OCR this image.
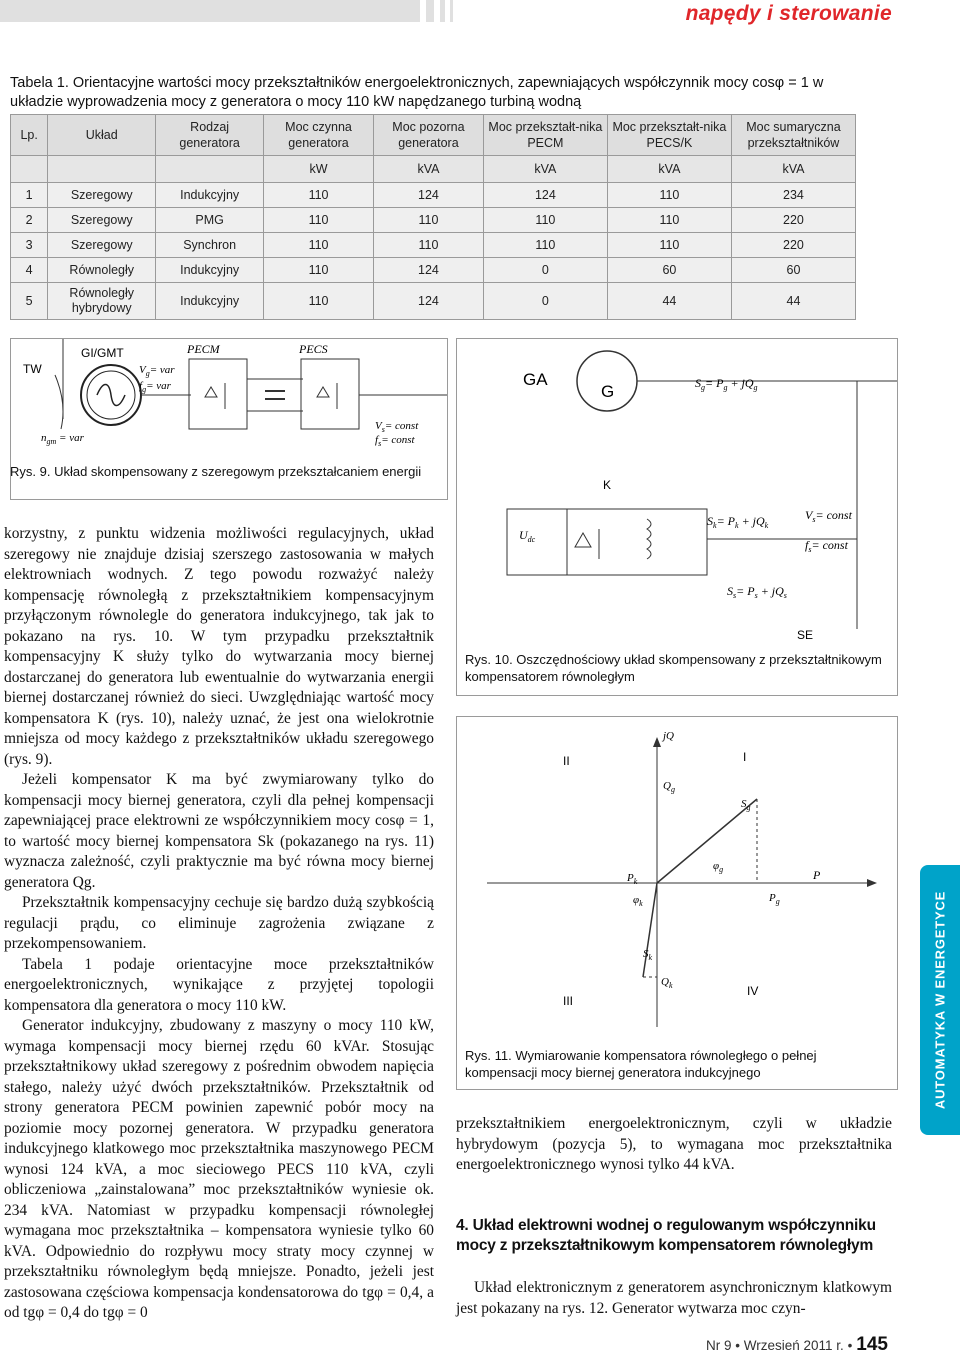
napędy i sterowanie
Tabela 1. Orientacyjne wartości mocy przekształtników energoelektronicznych, zapewniających współczynnik mocy cosφ = 1 w układzie wyprowadzenia mocy z generatora o mocy 110 kW napędzanego turbiną wodną
Lp.	Układ	Rodzaj generatora	Moc czynna generatora	Moc pozorna generatora	Moc przekształt-nika PECM	Moc przekształt-nika PECS/K	Moc sumaryczna przekształtników
			kW	kVA	kVA	kVA	kVA
1	Szeregowy	Indukcyjny	110	124	124	110	234
2	Szeregowy	PMG	110	110	110	110	220
3	Szeregowy	Synchron	110	110	110	110	220
4	Równoległy	Indukcyjny	110	124	0	60	60
5	Równoległy hybrydowy	Indukcyjny	110	124	0	44	44
TW
GI/GMT	PECM	PECS
$V_g=$ var
$f_g=$ var
$n_{gm}$ = var
$V_s=$ const
$f_s=$ const
Rys. 9. Układ skompensowany z szeregowym przekształcaniem energii
GA
G	$S_g= P_g + jQ_g$
K
$U_{dc}$
$S_k= P_k + jQ_k$
$V_s=$ const
$f_s=$ const
$S_s= P_s + jQ_s$
SE
Rys. 10. Oszczędnościowy układ skompensowany z przekształtnikowym kompensatorem równoległym
jQ
P
I
II
III
IV
$Q_g$
$S_g$
$\varphi_g$
$P_k$
$P_g$
$\varphi_k$
$S_k$
$Q_k$
Rys. 11. Wymiarowanie kompensatora równoległego o pełnej kompensacji mocy biernej generatora indukcyjnego

korzystny, z punktu widzenia możliwości regulacyjnych, układ szeregowy nie znajduje dzisiaj szerszego zastosowania w małych elektrowniach wodnych. Z tego powodu rozważyć należy kompensację równoległą z przekształtnikiem kompensacyjnym przyłączonym równolegle do generatora indukcyjnego, tak jak to pokazano na rys. 10. W tym przypadku przekształtnik kompensacyjny K służy tylko do wytwarzania mocy biernej dostarczanej do generatora lub ewentualnie do wytwarzania energii biernej dostarczanej również do sieci. Uwzględniając wartość mocy kompensatora K (rys. 10), należy uznać, że jest ona wielokrotnie mniejsza od mocy każdego z przekształtników układu szeregowego (rys. 9).

Jeżeli kompensator K ma być zwymiarowany tylko do kompensacji mocy biernej generatora, czyli dla pełnej kompensacji zapewniającej prace elektrowni ze współczynnikiem mocy cosφ = 1, to wartość mocy biernej kompensatora Sk (pokazanego na rys. 11) wyznacza zależność, czyli praktycznie ma być równa mocy biernej generatora Qg.

Przekształtnik kompensacyjny cechuje się bardzo dużą szybkością regulacji prądu, co eliminuje zagrożenia związane z przekompensowaniem.

Tabela 1 podaje orientacyjne moce przekształtników energoelektronicznych, wynikające z przyjętej topologii kompensatora dla generatora o mocy 110 kW.

Generator indukcyjny, zbudowany z maszyny o mocy 110 kW, wymaga kompensacji mocy biernej rzędu 60 kVAr. Stosując przekształtnikowy układ szeregowy z pośrednim obwodem napięcia stałego, należy użyć dwóch przekształtników. Przekształtnik od strony generatora PECM powinien zapewnić pobór mocy na poziomie mocy pozornej generatora. W przypadku generatora indukcyjnego klatkowego moc przekształtnika maszynowego PECM wynosi 124 kVA, a moc sieciowego PECS 110 kVA, czyli obliczeniowa „zainstalowana” moc przekształtników wyniesie ok. 234 kVA. Natomiast w przypadku kompensacji równoległej wymagana moc przekształtnika – kompensatora wyniesie tylko 60 kVA. Odpowiednio do rozpływu mocy straty mocy czynnej w przekształtniku równoległym będą mniejsze. Ponadto, jeżeli jest zastosowana częściowa kompensacja kondensatorowa do tgφ = 0,4, a od tgφ = 0,4 do tgφ = 0

przekształtnikiem energoelektronicznym, czyli w układzie hybrydowym (pozycja 5), to wymagana moc przekształtnika energoelektronicznego wynosi tylko 44 kVA.

4. Układ elektrowni wodnej o regulowanym współczynniku mocy z przekształtnikowym kompensatorem równoległym

Układ elektronicznym z generatorem asynchronicznym klatkowym jest pokazany na rys. 12. Generator wytwarza moc czyn-

AUTOMATYKA W ENERGETYCE
Nr 9 • Wrzesień 2011 r. • 145
